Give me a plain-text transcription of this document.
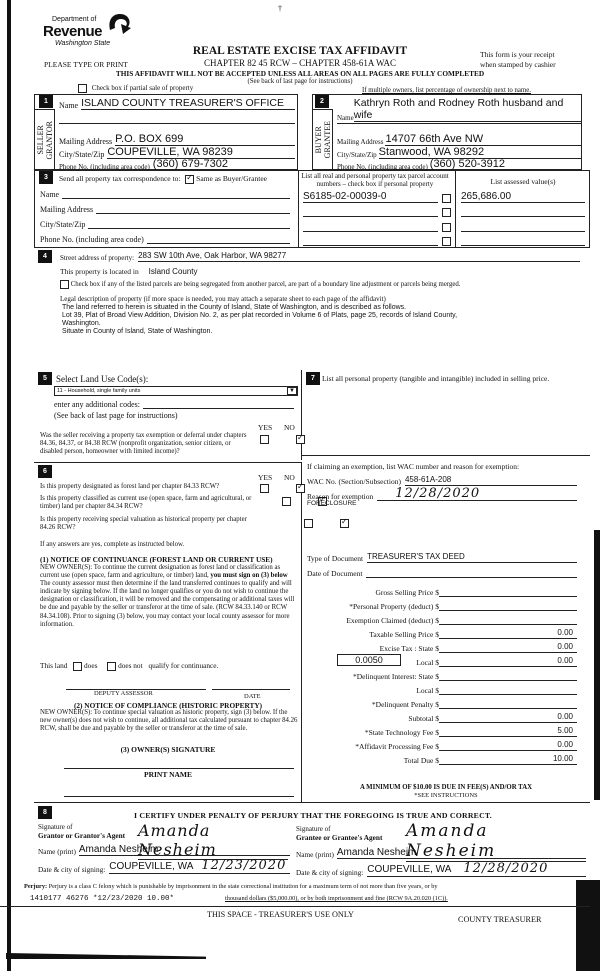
†
Department of
Revenue
Washington State
REAL ESTATE EXCISE TAX AFFIDAVIT
CHAPTER 82 45 RCW – CHAPTER 458-61A WAC
PLEASE TYPE OR PRINT
This form is your receipt
when stamped by cashier
THIS AFFIDAVIT WILL NOT BE ACCEPTED UNLESS ALL AREAS ON ALL PAGES ARE FULLY COMPLETED
(See back of last page for instructions)
Check box if partial sale of property	If multiple owners, list percentage of ownership next to name.
1
SELLER
GRANTOR
Name ISLAND COUNTY TREASURER'S OFFICE
Mailing Address P.O. BOX 699
City/State/Zip COUPEVILLE, WA 98239
Phone No. (including area code) (360) 679-7302
2
BUYER
GRANTEE
Name
Kathryn Roth and Rodney Roth husband and wife
Mailing Address 14707 66th Ave NW
City/State/Zip Stanwood, WA 98292
Phone No. (including area code) (360) 520-3912
3	Send all property tax correspondence to: ✓ Same as Buyer/Grantee
Name
Mailing Address
City/State/Zip
Phone No. (including area code)
List all real and personal property tax parcel account numbers – check box if personal property	List assessed value(s)
S6185-02-00039-0	265,686.00
4	Street address of property: 283 SW 10th Ave, Oak Harbor, WA 98277
This property is located in Island County
Check box if any of the listed parcels are being segregated from another parcel, are part of a boundary line adjustment or parcels being merged.
Legal description of property (if more space is needed, you may attach a separate sheet to each page of the affidavit)
The land referred to herein is situated in the County of Island, State of Washington, and is described as follows.
Lot 39, Plat of Broad View Addition, Division No. 2, as per plat recorded in Volume 6 of Plats, page 25, records of Island County,
Washington.
Situate in County of Island, State of Washington.
5	Select Land Use Code(s):
11 - Household, single family units	▼
enter any additional codes:
(See back of last page for instructions)
YES NO
Was the seller receiving a property tax exemption or deferral under chapters 84.36, 84.37, or 84.38 RCW (nonprofit organization, senior citizen, or disabled person, homeowner with limited income)?
✓
6
YES NO
Is this property designated as forest land per chapter 84.33 RCW?
✓
Is this property classified as current use (open space, farm and agricultural, or timber) land per chapter 84.34 RCW?
✓
Is this property receiving special valuation as historical property per chapter 84.26 RCW?
✓
If any answers are yes, complete as instructed below.
(1) NOTICE OF CONTINUANCE (FOREST LAND OR CURRENT USE)
NEW OWNER(S): To continue the current designation as forest land or classification as current use (open space, farm and agriculture, or timber) land, you must sign on (3) below The county assessor must then determine if the land transferred continues to qualify and will indicate by signing below. If the land no longer qualifies or you do not wish to continue the designation or classification, it will be removed and the compensating or additional taxes will be due and payable by the seller or transferor at the time of sale. (RCW 84.33.140 or RCW 84.34.108). Prior to signing (3) below, you may contact your local county assessor for more information.
This land does	does not qualify for continuance.
DEPUTY ASSESSOR	DATE
(2) NOTICE OF COMPLIANCE (HISTORIC PROPERTY)
NEW OWNER(S): To continue special valuation as historic property, sign (3) below. If the new owner(s) does not wish to continue, all additional tax calculated pursuant to chapter 84.26 RCW, shall be due and payable by the seller or transferor at the time of sale.
(3) OWNER(S) SIGNATURE
PRINT NAME
7 List all personal property (tangible and intangible) included in selling price.
If claiming an exemption, list WAC number and reason for exemption:
WAC No. (Section/Subsection) 458-61A-208
Reason for exemption	12/28/2020
FORECLOSURE
Type of Document TREASURER'S TAX DEED
Date of Document
Gross Selling Price $
*Personal Property (deduct) $
Exemption Claimed (deduct) $
Taxable Selling Price $	0.00
Excise Tax : State $	0.00
0.0050	Local $	0.00
*Delinquent Interest: State $
Local $
*Delinquent Penalty $
Subtotal $	0.00
*State Technology Fee $	5.00
*Affidavit Processing Fee $	0.00
Total Due $	10.00
A MINIMUM OF $10.00 IS DUE IN FEE(S) AND/OR TAX
*SEE INSTRUCTIONS
8	I CERTIFY UNDER PENALTY OF PERJURY THAT THE FOREGOING IS TRUE AND CORRECT.
Signature of
Grantor or Grantor's Agent Amanda Nesheim
Name (print) Amanda Nesheim
Date & city of signing: COUPEVILLE, WA 12/23/2020
Signature of
Grantee or Grantee's Agent Amanda Nesheim
Name (print) Amanda Nesheim
Date & city of signing: COUPEVILLE, WA 12/28/2020
Perjury: Perjury is a class C felony which is punishable by imprisonment in the state correctional institution for a maximum term of not more than five years, or by
1410177 46276 *12/23/2020 10.00*	thousand dollars ($5,000.00), or by both imprisonment and fine (RCW 9A.20.020 (1C)).
THIS SPACE - TREASURER'S USE ONLY
COUNTY TREASURER
